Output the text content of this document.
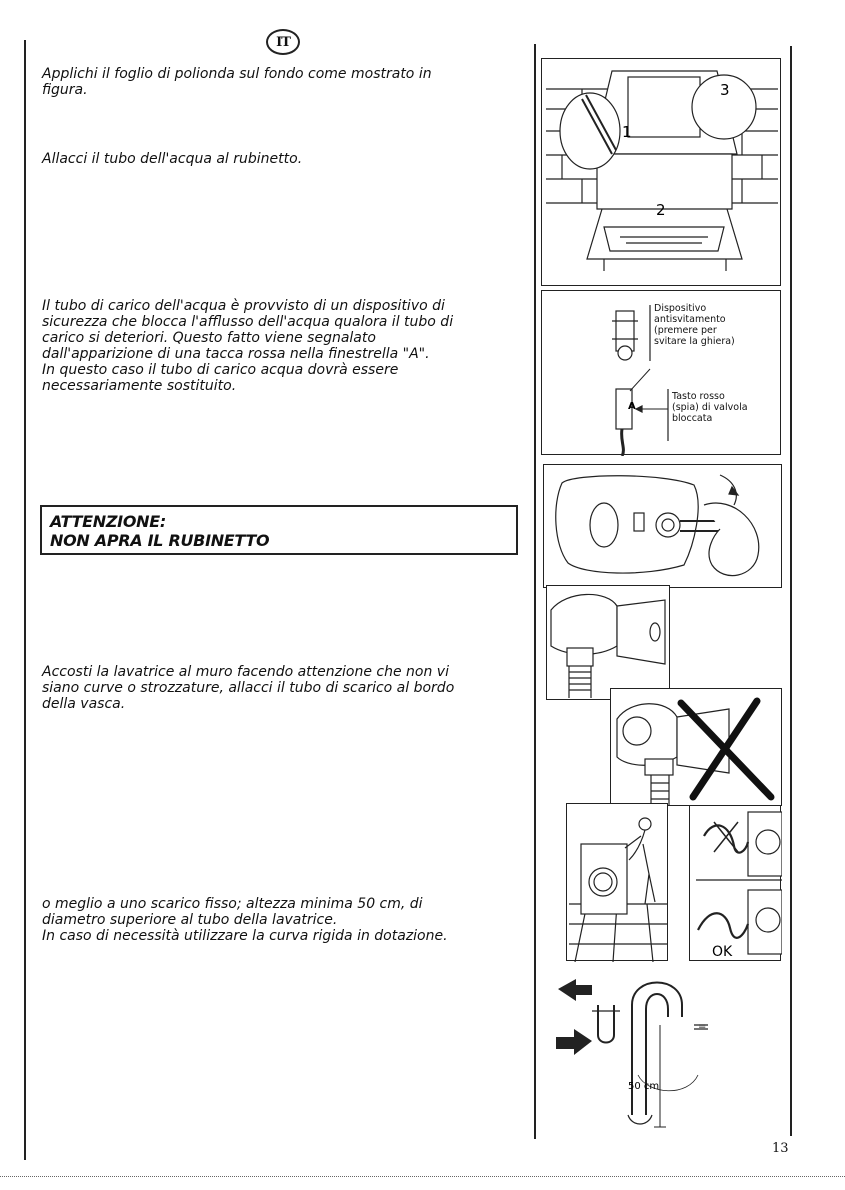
IT
Applichi il foglio di polionda sul fondo come mostrato in
figura.
Allacci il tubo dell'acqua al rubinetto.
Il tubo di carico dell'acqua è provvisto di un dispositivo di
sicurezza che blocca l'afflusso dell'acqua qualora il tubo di
carico si deteriori. Questo fatto viene segnalato
dall'apparizione di una tacca rossa nella finestrella "A".
In questo caso il tubo di carico acqua dovrà essere
necessariamente sostituito.
ATTENZIONE:
NON APRA IL RUBINETTO
Accosti la lavatrice al muro facendo attenzione che non vi
siano curve o strozzature, allacci il tubo di scarico al bordo
della vasca.
o meglio a uno scarico fisso; altezza minima 50 cm, di
diametro superiore al tubo della lavatrice.
In caso di necessità utilizzare la curva rigida in dotazione.
1
2
3
A
Dispositivo
antisvitamento
(premere per
svitare la ghiera)
Tasto rosso
(spia) di valvola
bloccata
OK
=
50 cm
13
